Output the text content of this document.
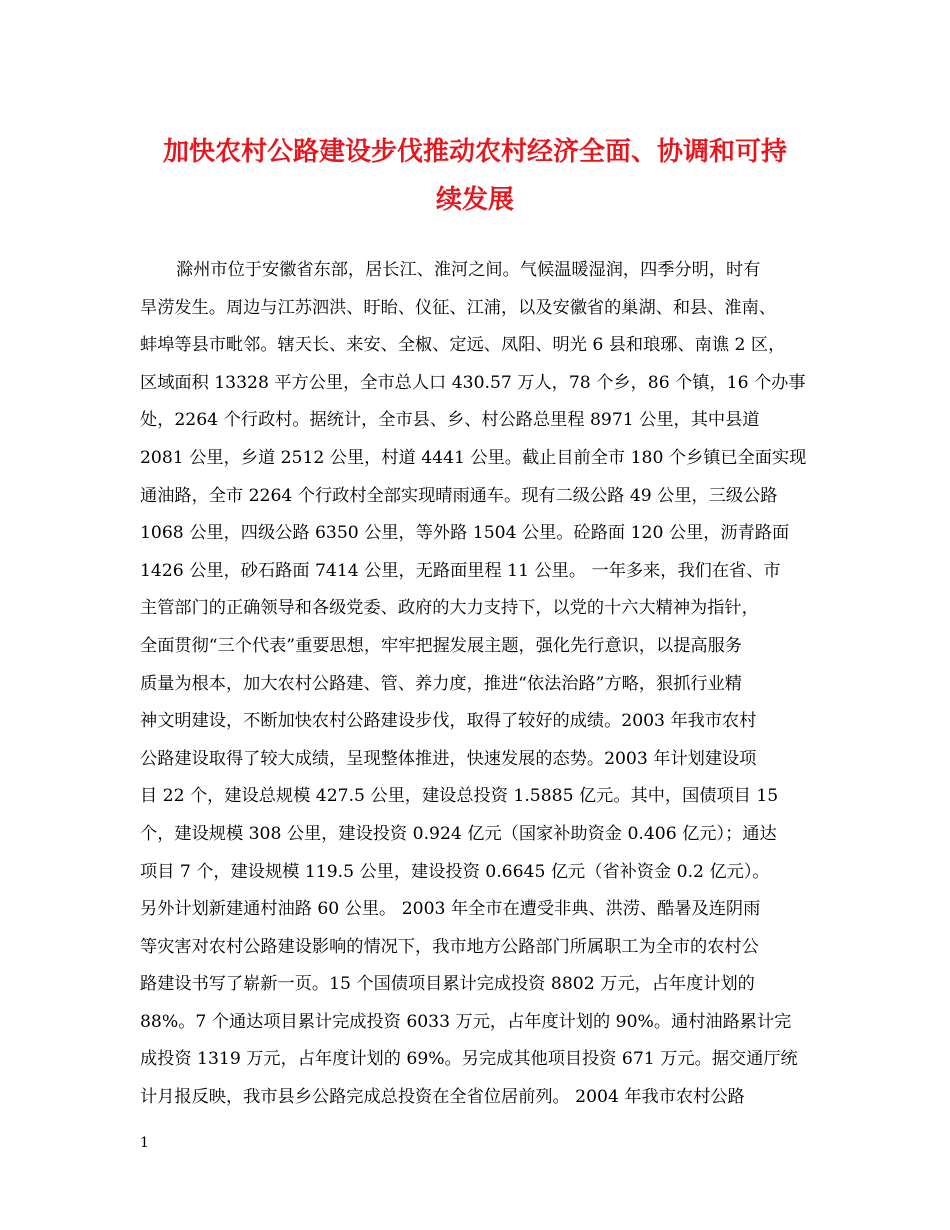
加快农村公路建设步伐推动农村经济全面、协调和可持
续发展
滁州市位于安徽省东部，居长江、淮河之间。气候温暖湿润，四季分明，时有
旱涝发生。周边与江苏泗洪、盱眙、仪征、江浦，以及安徽省的巢湖、和县、淮南、
蚌埠等县市毗邻。辖天长、来安、全椒、定远、凤阳、明光 6 县和琅琊、南谯 2 区，
区域面积 13328 平方公里，全市总人口 430.57 万人，78 个乡，86 个镇，16 个办事
处，2264 个行政村。据统计，全市县、乡、村公路总里程 8971 公里，其中县道
2081 公里，乡道 2512 公里，村道 4441 公里。截止目前全市 180 个乡镇已全面实现
通油路，全市 2264 个行政村全部实现晴雨通车。现有二级公路 49 公里，三级公路
1068 公里，四级公路 6350 公里，等外路 1504 公里。砼路面 120 公里，沥青路面
1426 公里，砂石路面 7414 公里，无路面里程 11 公里。 一年多来，我们在省、市
主管部门的正确领导和各级党委、政府的大力支持下，以党的十六大精神为指针，
全面贯彻“三个代表”重要思想，牢牢把握发展主题，强化先行意识，以提高服务
质量为根本，加大农村公路建、管、养力度，推进“依法治路”方略，狠抓行业精
神文明建设，不断加快农村公路建设步伐，取得了较好的成绩。2003 年我市农村
公路建设取得了较大成绩，呈现整体推进，快速发展的态势。2003 年计划建设项
目 22 个，建设总规模 427.5 公里，建设总投资 1.5885 亿元。其中，国债项目 15
个，建设规模 308 公里，建设投资 0.924 亿元（国家补助资金 0.406 亿元）；通达
项目 7 个，建设规模 119.5 公里，建设投资 0.6645 亿元（省补资金 0.2 亿元）。
另外计划新建通村油路 60 公里。 2003 年全市在遭受非典、洪涝、酷暑及连阴雨
等灾害对农村公路建设影响的情况下，我市地方公路部门所属职工为全市的农村公
路建设书写了崭新一页。15 个国债项目累计完成投资 8802 万元，占年度计划的
88%。7 个通达项目累计完成投资 6033 万元，占年度计划的 90%。通村油路累计完
成投资 1319 万元，占年度计划的 69%。另完成其他项目投资 671 万元。据交通厅统
计月报反映，我市县乡公路完成总投资在全省位居前列。 2004 年我市农村公路
1
